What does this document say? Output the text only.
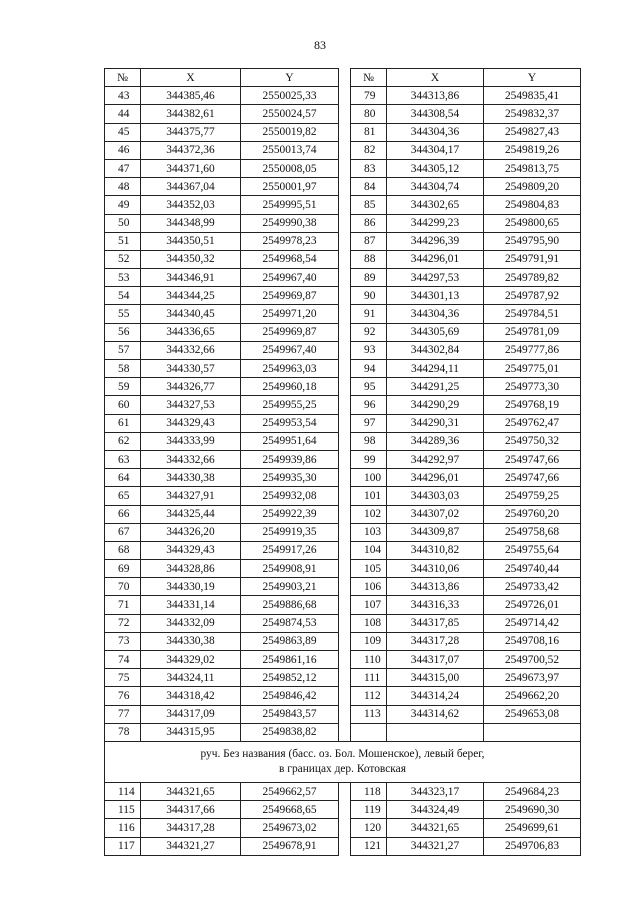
83
№	X	Y		№	X	Y
43	344385,46	2550025,33		79	344313,86	2549835,41
44	344382,61	2550024,57		80	344308,54	2549832,37
45	344375,77	2550019,82		81	344304,36	2549827,43
46	344372,36	2550013,74		82	344304,17	2549819,26
47	344371,60	2550008,05		83	344305,12	2549813,75
48	344367,04	2550001,97		84	344304,74	2549809,20
49	344352,03	2549995,51		85	344302,65	2549804,83
50	344348,99	2549990,38		86	344299,23	2549800,65
51	344350,51	2549978,23		87	344296,39	2549795,90
52	344350,32	2549968,54		88	344296,01	2549791,91
53	344346,91	2549967,40		89	344297,53	2549789,82
54	344344,25	2549969,87		90	344301,13	2549787,92
55	344340,45	2549971,20		91	344304,36	2549784,51
56	344336,65	2549969,87		92	344305,69	2549781,09
57	344332,66	2549967,40		93	344302,84	2549777,86
58	344330,57	2549963,03		94	344294,11	2549775,01
59	344326,77	2549960,18		95	344291,25	2549773,30
60	344327,53	2549955,25		96	344290,29	2549768,19
61	344329,43	2549953,54		97	344290,31	2549762,47
62	344333,99	2549951,64		98	344289,36	2549750,32
63	344332,66	2549939,86		99	344292,97	2549747,66
64	344330,38	2549935,30		100	344296,01	2549747,66
65	344327,91	2549932,08		101	344303,03	2549759,25
66	344325,44	2549922,39		102	344307,02	2549760,20
67	344326,20	2549919,35		103	344309,87	2549758,68
68	344329,43	2549917,26		104	344310,82	2549755,64
69	344328,86	2549908,91		105	344310,06	2549740,44
70	344330,19	2549903,21		106	344313,86	2549733,42
71	344331,14	2549886,68		107	344316,33	2549726,01
72	344332,09	2549874,53		108	344317,85	2549714,42
73	344330,38	2549863,89		109	344317,28	2549708,16
74	344329,02	2549861,16		110	344317,07	2549700,52
75	344324,11	2549852,12		111	344315,00	2549673,97
76	344318,42	2549846,42		112	344314,24	2549662,20
77	344317,09	2549843,57		113	344314,62	2549653,08
78	344315,95	2549838,82				

руч. Без названия (басс. оз. Бол. Мошенское), левый берег,
в границах дер. Котовская						

114	344321,65	2549662,57		118	344323,17	2549684,23
115	344317,66	2549668,65		119	344324,49	2549690,30
116	344317,28	2549673,02		120	344321,65	2549699,61
117	344321,27	2549678,91		121	344321,27	2549706,83
